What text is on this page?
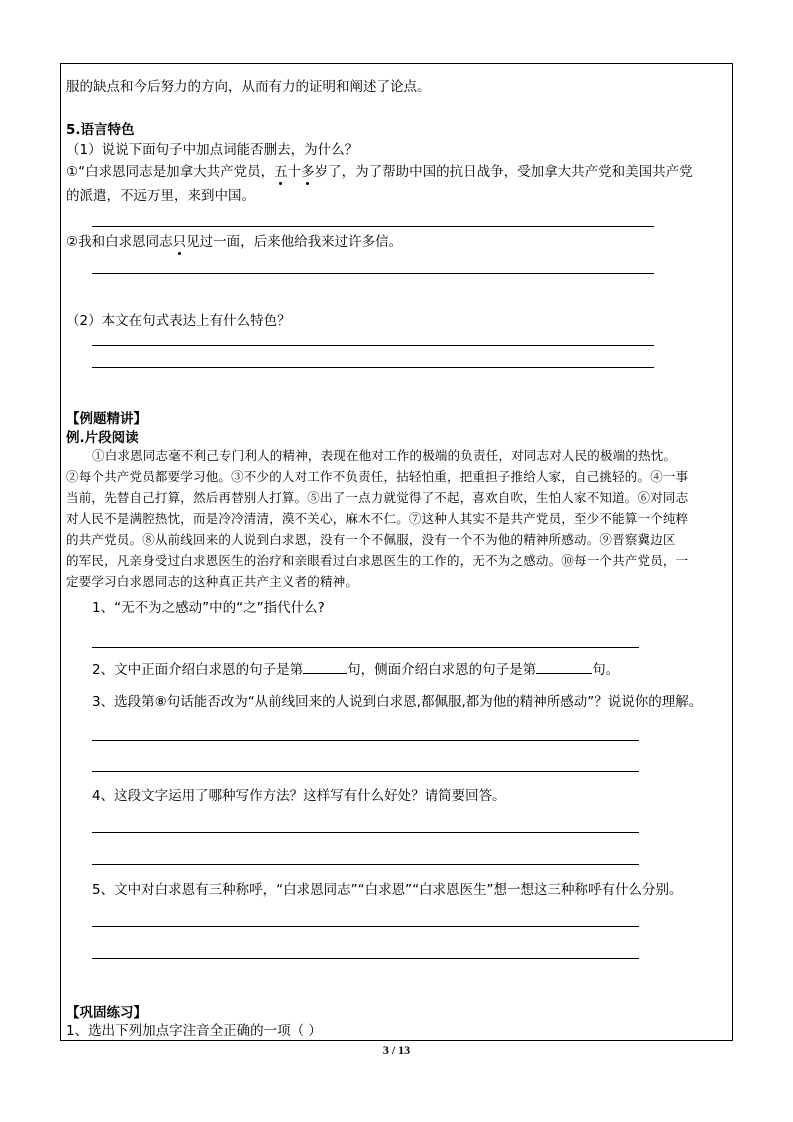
服的缺点和今后努力的方向，从而有力的证明和阐述了论点。
5.语言特色
（1）说说下面句子中加点词能否删去，为什么？
①“白求恩同志是加拿大共产党员，五十多岁了，为了帮助中国的抗日战争，受加拿大共产党和美国共产党
的派遣，不远万里，来到中国。
②我和白求恩同志只见过一面，后来他给我来过许多信。
（2）本文在句式表达上有什么特色？
【例题精讲】
例.片段阅读
①白求恩同志毫不利己专门利人的精神，表现在他对工作的极端的负责任，对同志对人民的极端的热忱。
②每个共产党员都要学习他。③不少的人对工作不负责任，拈轻怕重，把重担子推给人家，自己挑轻的。④一事
当前，先替自己打算，然后再替别人打算。⑤出了一点力就觉得了不起，喜欢自吹，生怕人家不知道。⑥对同志
对人民不是满腔热忱，而是冷冷清清，漠不关心，麻木不仁。⑦这种人其实不是共产党员，至少不能算一个纯粹
的共产党员。⑧从前线回来的人说到白求恩，没有一个不佩服，没有一个不为他的精神所感动。⑨晋察冀边区
的军民，凡亲身受过白求恩医生的治疗和亲眼看过白求恩医生的工作的，无不为之感动。⑩每一个共产党员，一
定要学习白求恩同志的这种真正共产主义者的精神。
1、“无不为之感动”中的“之”指代什么?
2、文中正面介绍白求恩的句子是第	句，侧面介绍白求恩的句子是第	句。
3、选段第⑧句话能否改为“从前线回来的人说到白求恩,都佩服,都为他的精神所感动”？说说你的理解。
4、这段文字运用了哪种写作方法？这样写有什么好处？请简要回答。
5、文中对白求恩有三种称呼，“白求恩同志”“白求恩”“白求恩医生”想一想这三种称呼有什么分别。
【巩固练习】
1、选出下列加点字注音全正确的一项（ ）
3 / 13
